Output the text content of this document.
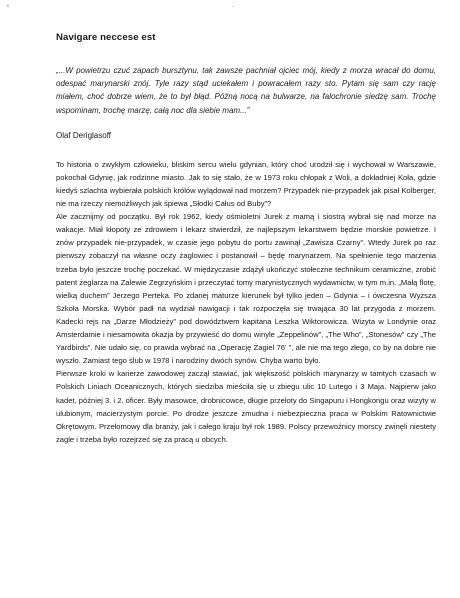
×	-
Navigare neccese est

„...W powietrzu czuć zapach bursztynu, tak zawsze pachniał ojciec mój, kiedy z morza wracał do domu, odespać marynarski znój. Tyle razy stąd uciekałem i powracałem razy sto. Pytam się sam czy rację miałem, choć dobrze wiem, że to był błąd. Późną nocą na bulwarze, na falochronie siedzę sam. Trochę wspominam, trochę marzę, całą noc dla siebie mam...”

Olaf Deriglasoff

To historia o zwykłym człowieku, bliskim sercu wielu gdynian, który choć urodził się i wychował w Warszawie, pokochał Gdynię, jak rodzinne miasto. Jak to się stało, że w 1973 roku chłopak z Woli, a dokładniej Koła, gdzie kiedyś szlachta wybierała polskich królów wylądował nad morzem? Przypadek nie-przypadek jak pisał Kolberger, nie ma rzeczy niemożliwych jak śpiewa „Słodki Całus od Buby”?

Ale zacznijmy od początku. Był rok 1962, kiedy ośmioletni Jurek z mamą i siostrą wybrał się nad morze na wakacje. Miał kłopoty ze zdrowiem i lekarz stwierdził, że najlepszym lekarstwem będzie morskie powietrze. I znów przypadek nie-przypadek, w czasie jego pobytu do portu zawinął „Zawisza Czarny”. Wtedy Jurek po raz pierwszy zobaczył na własne oczy żaglowiec i postanowił – będę marynarzem. Na spełnienie tego marzenia trzeba było jeszcze trochę poczekać. W międzyczasie zdążył ukończyć stołeczne technikum ceramiczne, zrobić patent żeglarza na Zalewie Zegrzyńskim i przeczytać tomy marynistycznych wydawnictw, w tym m.in. „Małą flotę, wielką duchem” Jerzego Perteka. Po zdanej maturze kierunek był tylko jeden – Gdynia – i ówczesna Wyższa Szkoła Morska. Wybór padł na wydział nawigacji i tak rozpoczęła się trwająca 30 lat przygoda z morzem. Kadecki rejs na „Darze Młodzieży” pod dowództwem kapitana Leszka Wiktorowicza. Wizyta w Londynie oraz Amsterdamie i niesamowita okazja by przywieść do domu winyle „Zeppelinów”, „The Who”, „Stonesów” czy „The Yardbirds”. Nie udało się, co prawda wybrać na „Operację Żagiel 76' ”, ale nie ma tego złego, co by na dobre nie wyszło. Zamiast tego ślub w 1978 i narodziny dwóch synów. Chyba warto było.

Pierwsze kroki w karierze zawodowej zaczął stawiać, jak większość polskich marynarzy w tamtych czasach w Polskich Liniach Oceanicznych, których siedziba mieściła się u zbiegu ulic 10 Lutego i 3 Maja. Najpierw jako kadet, później 3. i 2. oficer. Były masowce, drobnicowce, długie przeloty do Singapuru i Hongkongu oraz wizyty w ulubionym, macierzystym porcie. Po drodze jeszcze żmudna i niebezpieczna praca w Polskim Ratownictwie Okrętowym. Przełomowy dla branży, jak i całego kraju był rok 1989. Polscy przewoźnicy morscy zwinęli niestety żagle i trzeba było rozejrzeć się za pracą u obcych.
